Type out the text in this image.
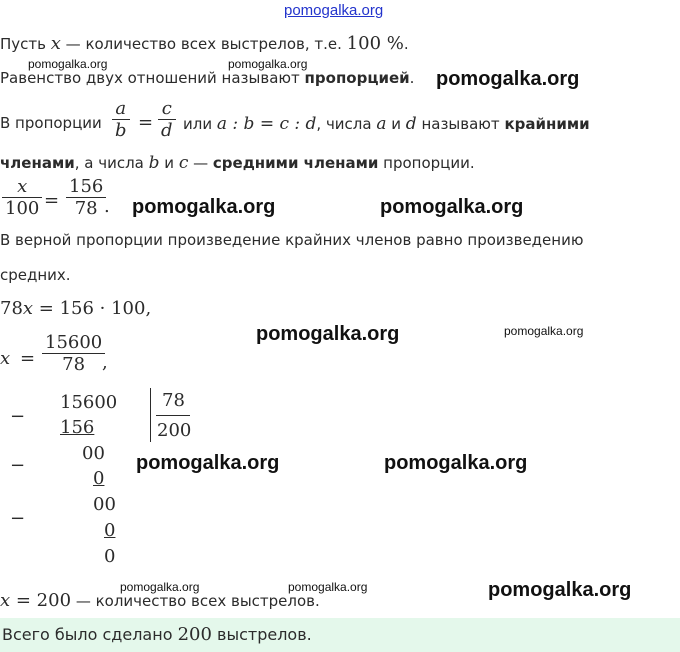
pomogalka.org
pomogalka.org	pomogalka.org
pomogalka.org
pomogalka.org	pomogalka.org
pomogalka.org	pomogalka.org
pomogalka.org	pomogalka.org
pomogalka.org	pomogalka.org	pomogalka.org
Пусть x — количество всех выстрелов, т.е. 100 %.
Равенство двух отношений называют пропорцией.
В пропорции
a
b =
c
d или a : b = c : d, числа a и d называют крайними
членами, а числа b и c — средними членами пропорции.
x
100 =
156
78 .
В верной пропорции произведение крайних членов равно произведению
средних.
78x = 156 · 100,
x =
15600
78 ,
−
15600
156
78
200
−
00
0
−
00
0
0
x = 200 — количество всех выстрелов.
Всего было сделано 200 выстрелов.
